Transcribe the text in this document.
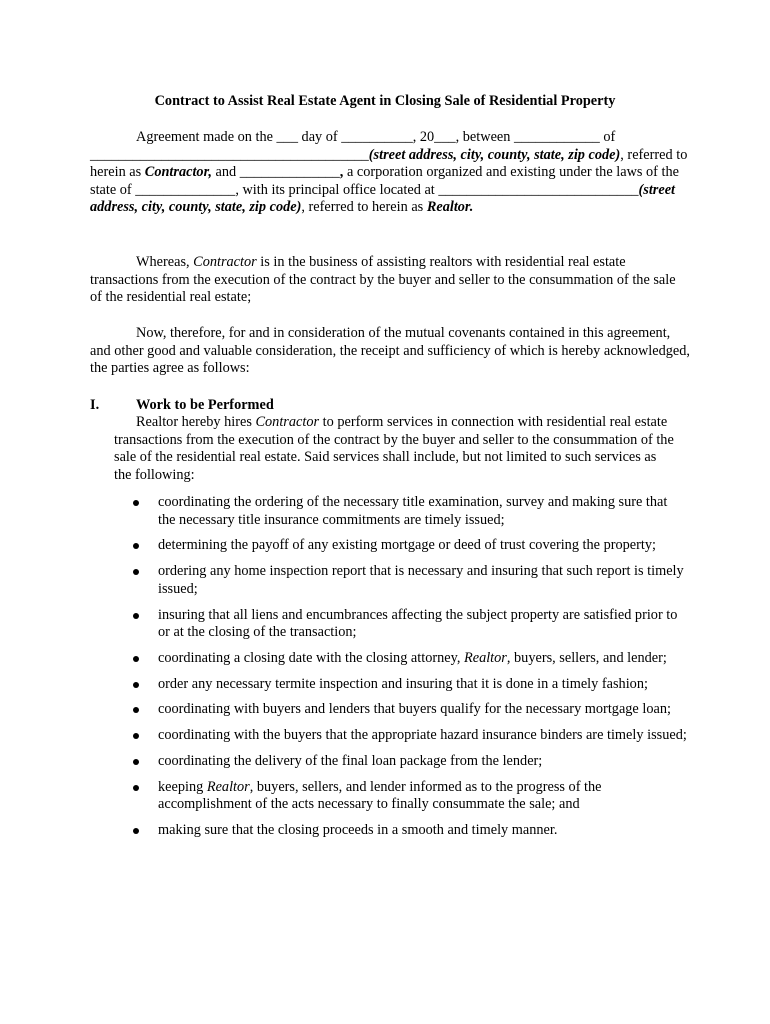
Contract to Assist Real Estate Agent in Closing Sale of Residential Property

Agreement made on the ___ day of __________, 20___, between ____________ of _______________________________________(street address, city, county, state, zip code), referred to herein as Contractor, and ______________, a corporation organized and existing under the laws of the state of ______________, with its principal office located at ____________________________(street address, city, county, state, zip code), referred to herein as Realtor.

Whereas, Contractor is in the business of assisting realtors with residential real estate transactions from the execution of the contract by the buyer and seller to the consummation of the sale of the residential real estate;

Now, therefore, for and in consideration of the mutual covenants contained in this agreement, and other good and valuable consideration, the receipt and sufficiency of which is hereby acknowledged, the parties agree as follows:

I.	Work to be Performed

Realtor hereby hires Contractor to perform services in connection with residential real estate transactions from the execution of the contract by the buyer and seller to the consummation of the sale of the residential real estate. Said services shall include, but not limited to such services as the following:

coordinating the ordering of the necessary title examination, survey and making sure that the necessary title insurance commitments are timely issued;
determining the payoff of any existing mortgage or deed of trust covering the property;
ordering any home inspection report that is necessary and insuring that such report is timely issued;
insuring that all liens and encumbrances affecting the subject property are satisfied prior to or at the closing of the transaction;
coordinating a closing date with the closing attorney, Realtor, buyers, sellers, and lender;
order any necessary termite inspection and insuring that it is done in a timely fashion;
coordinating with buyers and lenders that buyers qualify for the necessary mortgage loan;
coordinating with the buyers that the appropriate hazard insurance binders are timely issued;
coordinating the delivery of the final loan package from the lender;
keeping Realtor, buyers, sellers, and lender informed as to the progress of the accomplishment of the acts necessary to finally consummate the sale; and
making sure that the closing proceeds in a smooth and timely manner.
